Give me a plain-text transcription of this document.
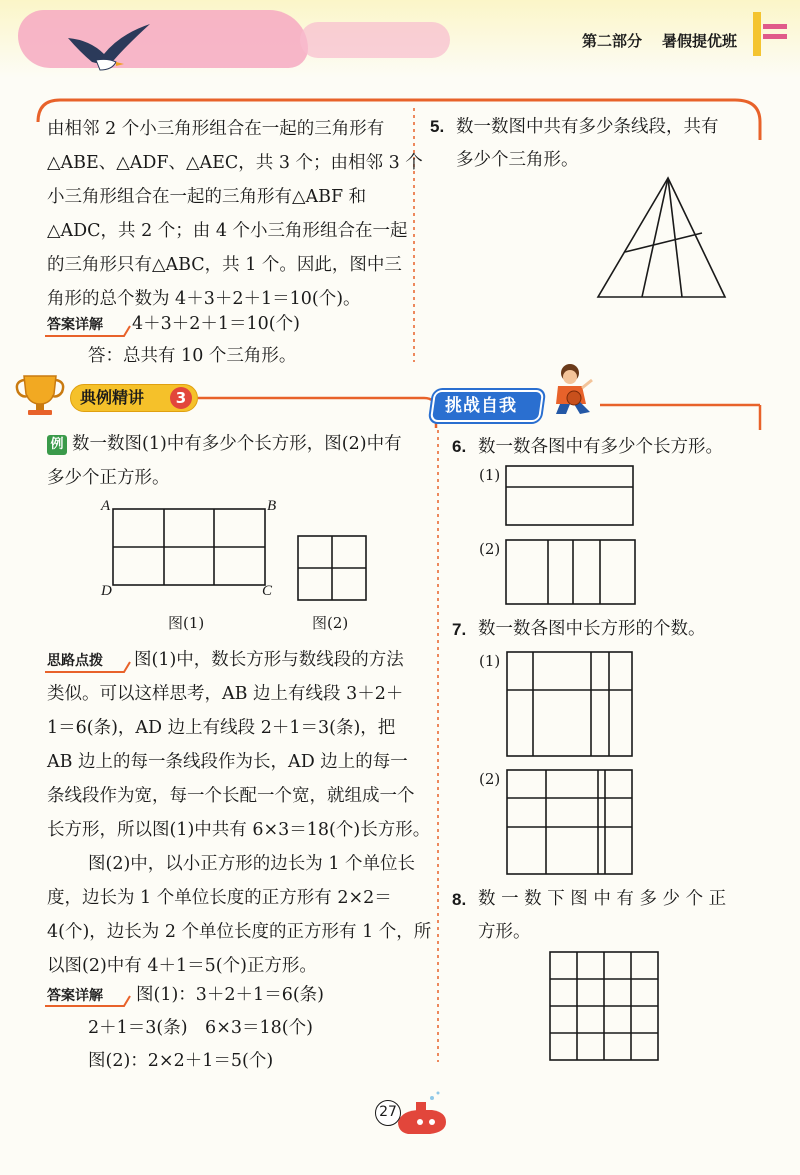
第二部分 暑假提优班
由相邻 2 个小三角形组合在一起的三角形有
△ABE、△ADF、△AEC，共 3 个；由相邻 3 个
小三角形组合在一起的三角形有△ABF 和
△ADC，共 2 个；由 4 个小三角形组合在一起
的三角形只有△ABC，共 1 个。因此，图中三
角形的总个数为 4＋3＋2＋1＝10(个)。
答案详解	4＋3＋2＋1＝10(个)
答：总共有 10 个三角形。
5. 数一数图中共有多少条线段，共有
多少个三角形。
典例精讲	3	挑战自我
例 数一数图(1)中有多少个长方形，图(2)中有
多少个正方形。
A	B
D	C
图(1)	图(2)
思路点拨 图(1)中，数长方形与数线段的方法
类似。可以这样思考，AB 边上有线段 3＋2＋
1＝6(条)，AD 边上有线段 2＋1＝3(条)，把
AB 边上的每一条线段作为长，AD 边上的每一
条线段作为宽，每一个长配一个宽，就组成一个
长方形，所以图(1)中共有 6×3＝18(个)长方形。
图(2)中，以小正方形的边长为 1 个单位长
度，边长为 1 个单位长度的正方形有 2×2＝
4(个)，边长为 2 个单位长度的正方形有 1 个，所
以图(2)中有 4＋1＝5(个)正方形。
答案详解 图(1)：3＋2＋1＝6(条)
2＋1＝3(条)　6×3＝18(个)
图(2)：2×2＋1＝5(个)
6. 数一数各图中有多少个长方形。
(1)
(2)
7. 数一数各图中长方形的个数。
(1)
(2)
8. 数 一 数 下 图 中 有 多 少 个 正
方形。
27
